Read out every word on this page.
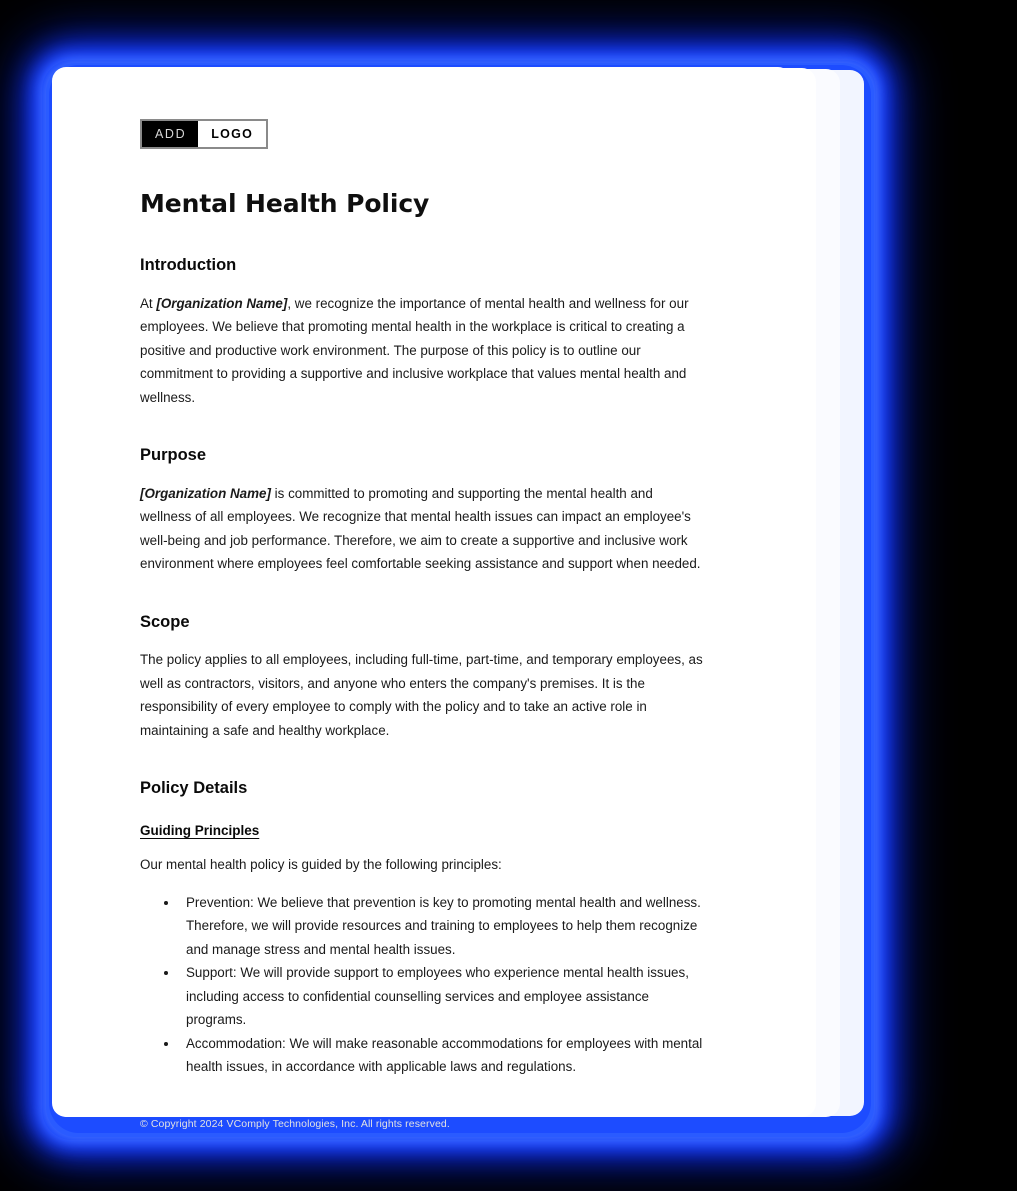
ADD	LOGO
Mental Health Policy
Introduction

At [Organization Name], we recognize the importance of mental health and wellness for our employees. We believe that promoting mental health in the workplace is critical to creating a positive and productive work environment. The purpose of this policy is to outline our commitment to providing a supportive and inclusive workplace that values mental health and wellness.

Purpose

[Organization Name] is committed to promoting and supporting the mental health and wellness of all employees. We recognize that mental health issues can impact an employee's well-being and job performance. Therefore, we aim to create a supportive and inclusive work environment where employees feel comfortable seeking assistance and support when needed.

Scope

The policy applies to all employees, including full-time, part-time, and temporary employees, as well as contractors, visitors, and anyone who enters the company's premises. It is the responsibility of every employee to comply with the policy and to take an active role in maintaining a safe and healthy workplace.

Policy Details
Guiding Principles

Our mental health policy is guided by the following principles:

Prevention: We believe that prevention is key to promoting mental health and wellness. Therefore, we will provide resources and training to employees to help them recognize and manage stress and mental health issues.
Support: We will provide support to employees who experience mental health issues, including access to confidential counselling services and employee assistance programs.
Accommodation: We will make reasonable accommodations for employees with mental health issues, in accordance with applicable laws and regulations.
© Copyright 2024 VComply Technologies, Inc. All rights reserved.
